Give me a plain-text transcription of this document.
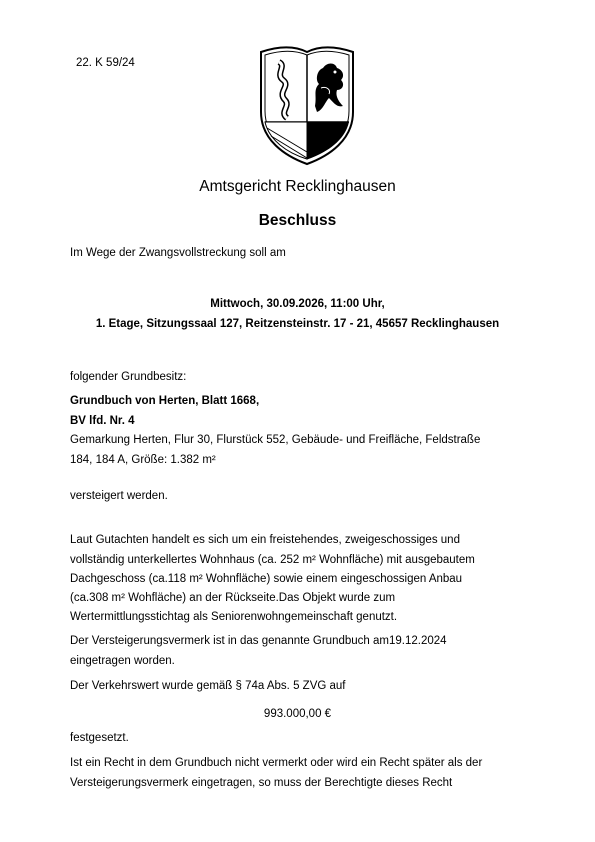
22. K 59/24
Amtsgericht Recklinghausen
Beschluss
Im Wege der Zwangsvollstreckung soll am
Mittwoch, 30.09.2026, 11:00 Uhr,
1. Etage, Sitzungssaal 127, Reitzensteinstr. 17 - 21, 45657 Recklinghausen
folgender Grundbesitz:
Grundbuch von Herten, Blatt 1668,
BV lfd. Nr. 4
Gemarkung Herten, Flur 30, Flurstück 552, Gebäude- und Freifläche, Feldstraße
184, 184 A, Größe: 1.382 m²
versteigert werden.
Laut Gutachten handelt es sich um ein freistehendes, zweigeschossiges und
vollständig unterkellertes Wohnhaus (ca. 252 m² Wohnfläche) mit ausgebautem
Dachgeschoss (ca.118 m² Wohnfläche) sowie einem eingeschossigen Anbau
(ca.308 m² Wohfläche) an der Rückseite.Das Objekt wurde zum
Wertermittlungsstichtag als Seniorenwohngemeinschaft genutzt.
Der Versteigerungsvermerk ist in das genannte Grundbuch am19.12.2024
eingetragen worden.
Der Verkehrswert wurde gemäß § 74a Abs. 5 ZVG auf
993.000,00 €
festgesetzt.
Ist ein Recht in dem Grundbuch nicht vermerkt oder wird ein Recht später als der
Versteigerungsvermerk eingetragen, so muss der Berechtigte dieses Recht
